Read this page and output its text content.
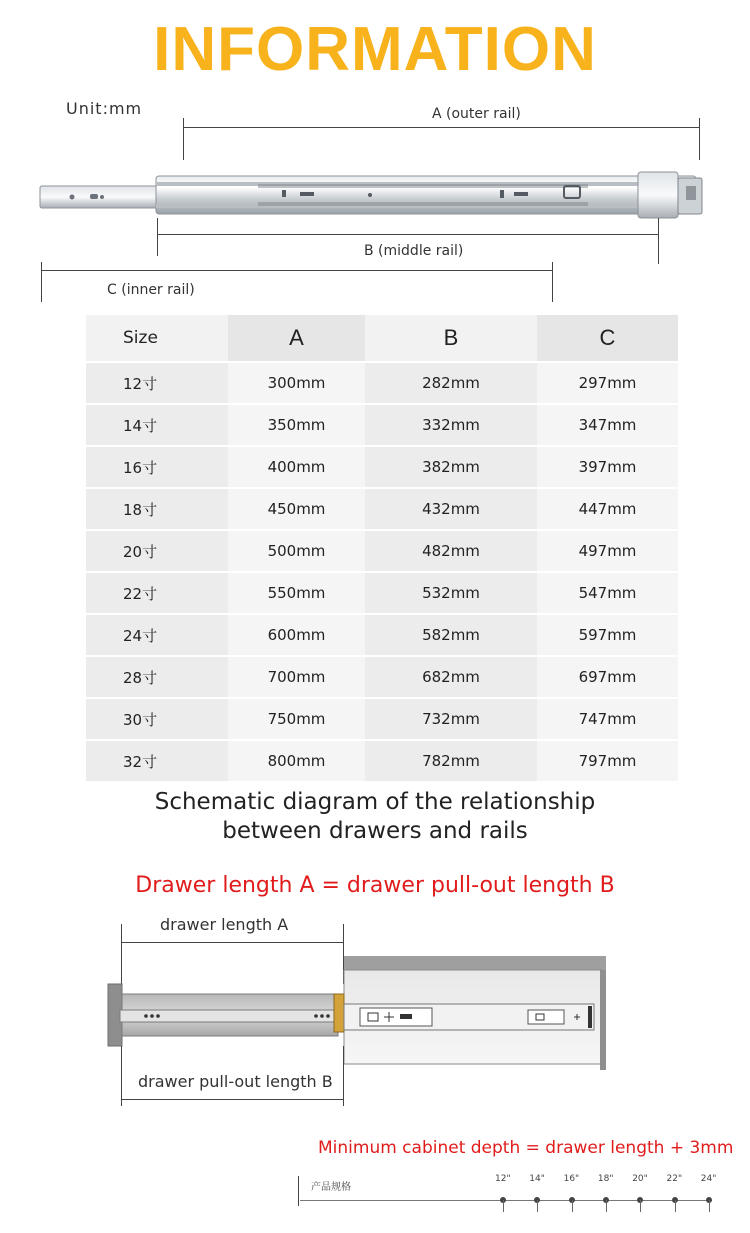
INFORMATION
Unit:mm	A (outer rail)
B (middle rail)
C (inner rail)
Size	A	B	C
12寸	300mm	282mm	297mm
14寸	350mm	332mm	347mm
16寸	400mm	382mm	397mm
18寸	450mm	432mm	447mm
20寸	500mm	482mm	497mm
22寸	550mm	532mm	547mm
24寸	600mm	582mm	597mm
28寸	700mm	682mm	697mm
30寸	750mm	732mm	747mm
32寸	800mm	782mm	797mm
Schematic diagram of the relationship
between drawers and rails
Drawer length A = drawer pull-out length B
drawer length A
drawer pull-out length B
Minimum cabinet depth = drawer length + 3mm
产品规格
12" 14" 16" 18" 20" 22" 24"
